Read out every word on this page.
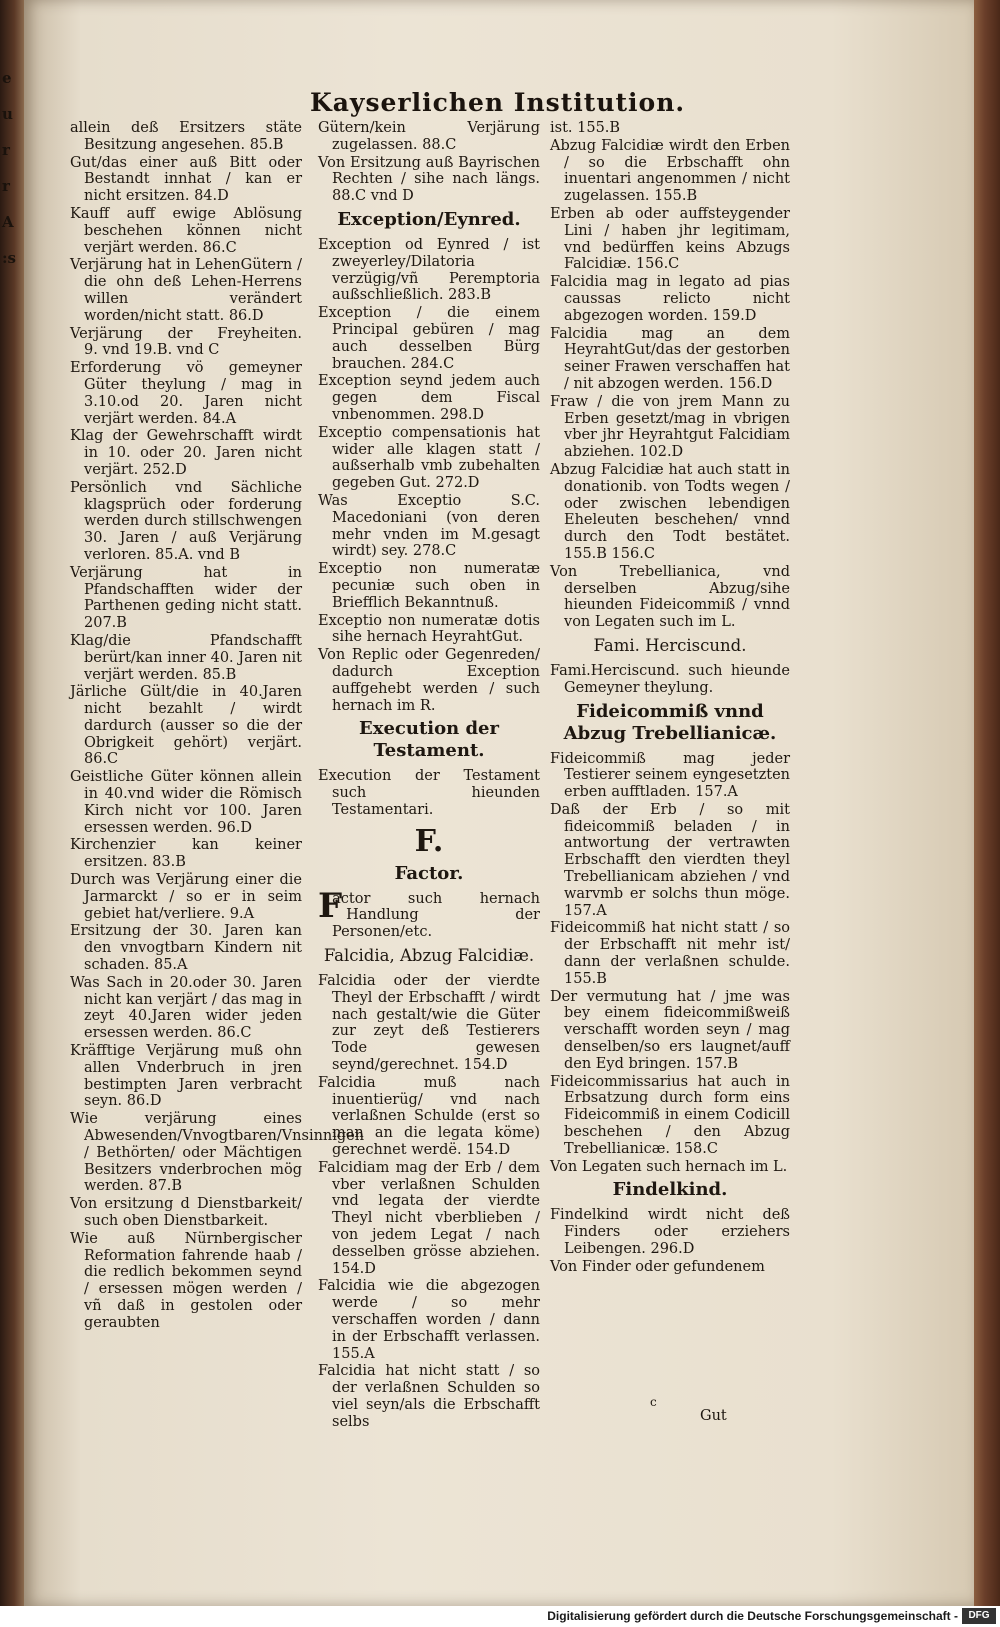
e
u
r
r
A
:s
Kayserlichen Institution.
allein deß Ersitzers stäte Besitzung angesehen. 85.B
Gut/das einer auß Bitt oder Bestandt innhat / kan er nicht ersitzen. 84.D
Kauff auff ewige Ablösung beschehen können nicht verjärt werden. 86.C
Verjärung hat in LehenGütern / die ohn deß Lehen-Herrens willen verändert worden/nicht statt. 86.D
Verjärung der Freyheiten. 9. vnd 19.B. vnd C
Erforderung vö gemeyner Güter theylung / mag in 3.10.od 20. Jaren nicht verjärt werden. 84.A
Klag der Gewehrschafft wirdt in 10. oder 20. Jaren nicht verjärt. 252.D
Persönlich vnd Sächliche klagsprüch oder forderung werden durch stillschwengen 30. Jaren / auß Verjärung verloren. 85.A. vnd B
Verjärung hat in Pfandschafften wider der Parthenen geding nicht statt. 207.B
Klag/die Pfandschafft berürt/kan inner 40. Jaren nit verjärt werden. 85.B
Järliche Gült/die in 40.Jaren nicht bezahlt / wirdt dardurch (ausser so die der Obrigkeit gehört) verjärt. 86.C
Geistliche Güter können allein in 40.vnd wider die Römisch Kirch nicht vor 100. Jaren ersessen werden. 96.D
Kirchenzier kan keiner ersitzen. 83.B
Durch was Verjärung einer die Jarmarckt / so er in seim gebiet hat/verliere. 9.A
Ersitzung der 30. Jaren kan den vnvogtbarn Kindern nit schaden. 85.A
Was Sach in 20.oder 30. Jaren nicht kan verjärt / das mag in zeyt 40.Jaren wider jeden ersessen werden. 86.C
Kräfftige Verjärung muß ohn allen Vnderbruch in jren bestimpten Jaren verbracht seyn. 86.D
Wie verjärung eines Abwesenden/Vnvogtbaren/Vnsinnigen / Bethörten/ oder Mächtigen Besitzers vnderbrochen mög werden. 87.B
Von ersitzung d Dienstbarkeit/ such oben Dienstbarkeit.
Wie auß Nürnbergischer Reformation fahrende haab / die redlich bekommen seynd / ersessen mögen werden / vñ daß in gestolen oder geraubten
Gütern/kein Verjärung zugelassen. 88.C
Von Ersitzung auß Bayrischen Rechten / sihe nach längs. 88.C vnd D
Exception/Eynred.
Exception od Eynred / ist zweyerley/Dilatoria verzügig/vñ Peremptoria außschließlich. 283.B
Exception / die einem Principal gebüren / mag auch desselben Bürg brauchen. 284.C
Exception seynd jedem auch gegen dem Fiscal vnbenommen. 298.D
Exceptio compensationis hat wider alle klagen statt / außserhalb vmb zubehalten gegeben Gut. 272.D
Was Exceptio S.C. Macedoniani (von deren mehr vnden im M.gesagt wirdt) sey. 278.C
Exceptio non numeratæ pecuniæ such oben in Briefflich Bekanntnuß.
Exceptio non numeratæ dotis sihe hernach HeyrahtGut.
Von Replic oder Gegenreden/ dadurch Exception auffgehebt werden / such hernach im R.
Execution der Testament.
Execution der Testament such hieunden Testamentari.
F.
Factor.
Factor such hernach Handlung der Personen/etc.
Falcidia, Abzug Falcidiæ.
Falcidia oder der vierdte Theyl der Erbschafft / wirdt nach gestalt/wie die Güter zur zeyt deß Testierers Tode gewesen seynd/gerechnet. 154.D
Falcidia muß nach inuentierüg/ vnd nach verlaßnen Schulde (erst so man an die legata köme) gerechnet werdë. 154.D
Falcidiam mag der Erb / dem vber verlaßnen Schulden vnd legata der vierdte Theyl nicht vberblieben / von jedem Legat / nach desselben grösse abziehen. 154.D
Falcidia wie die abgezogen werde / so mehr verschaffen worden / dann in der Erbschafft verlassen. 155.A
Falcidia hat nicht statt / so der verlaßnen Schulden so viel seyn/als die Erbschafft selbs
ist. 155.B
Abzug Falcidiæ wirdt den Erben / so die Erbschafft ohn inuentari angenommen / nicht zugelassen. 155.B
Erben ab oder auffsteygender Lini / haben jhr legitimam, vnd bedürffen keins Abzugs Falcidiæ. 156.C
Falcidia mag in legato ad pias caussas relicto nicht abgezogen worden. 159.D
Falcidia mag an dem HeyrahtGut/das der gestorben seiner Frawen verschaffen hat / nit abzogen werden. 156.D
Fraw / die von jrem Mann zu Erben gesetzt/mag in vbrigen vber jhr Heyrahtgut Falcidiam abziehen. 102.D
Abzug Falcidiæ hat auch statt in donationib. von Todts wegen / oder zwischen lebendigen Eheleuten beschehen/ vnnd durch den Todt bestätet. 155.B 156.C
Von Trebellianica, vnd derselben Abzug/sihe hieunden Fideicommiß / vnnd von Legaten such im L.
Fami. Herciscund.
Fami.Herciscund. such hieunde Gemeyner theylung.
Fideicommiß vnnd Abzug Trebellianicæ.
Fideicommiß mag jeder Testierer seinem eyngesetzten erben aufftladen. 157.A
Daß der Erb / so mit fideicommiß beladen / in antwortung der vertrawten Erbschafft den vierdten theyl Trebellianicam abziehen / vnd warvmb er solchs thun möge. 157.A
Fideicommiß hat nicht statt / so der Erbschafft nit mehr ist/ dann der verlaßnen schulde. 155.B
Der vermutung hat / jme was bey einem fideicommißweiß verschafft worden seyn / mag denselben/so ers laugnet/auff den Eyd bringen. 157.B
Fideicommissarius hat auch in Erbsatzung durch form eins Fideicommiß in einem Codicill beschehen / den Abzug Trebellianicæ. 158.C
Von Legaten such hernach im L.
Findelkind.
Findelkind wirdt nicht deß Finders oder erziehers Leibengen. 296.D
Von Finder oder gefundenem
c
Gut
Digitalisierung gefördert durch die Deutsche Forschungsgemeinschaft -	DFG
